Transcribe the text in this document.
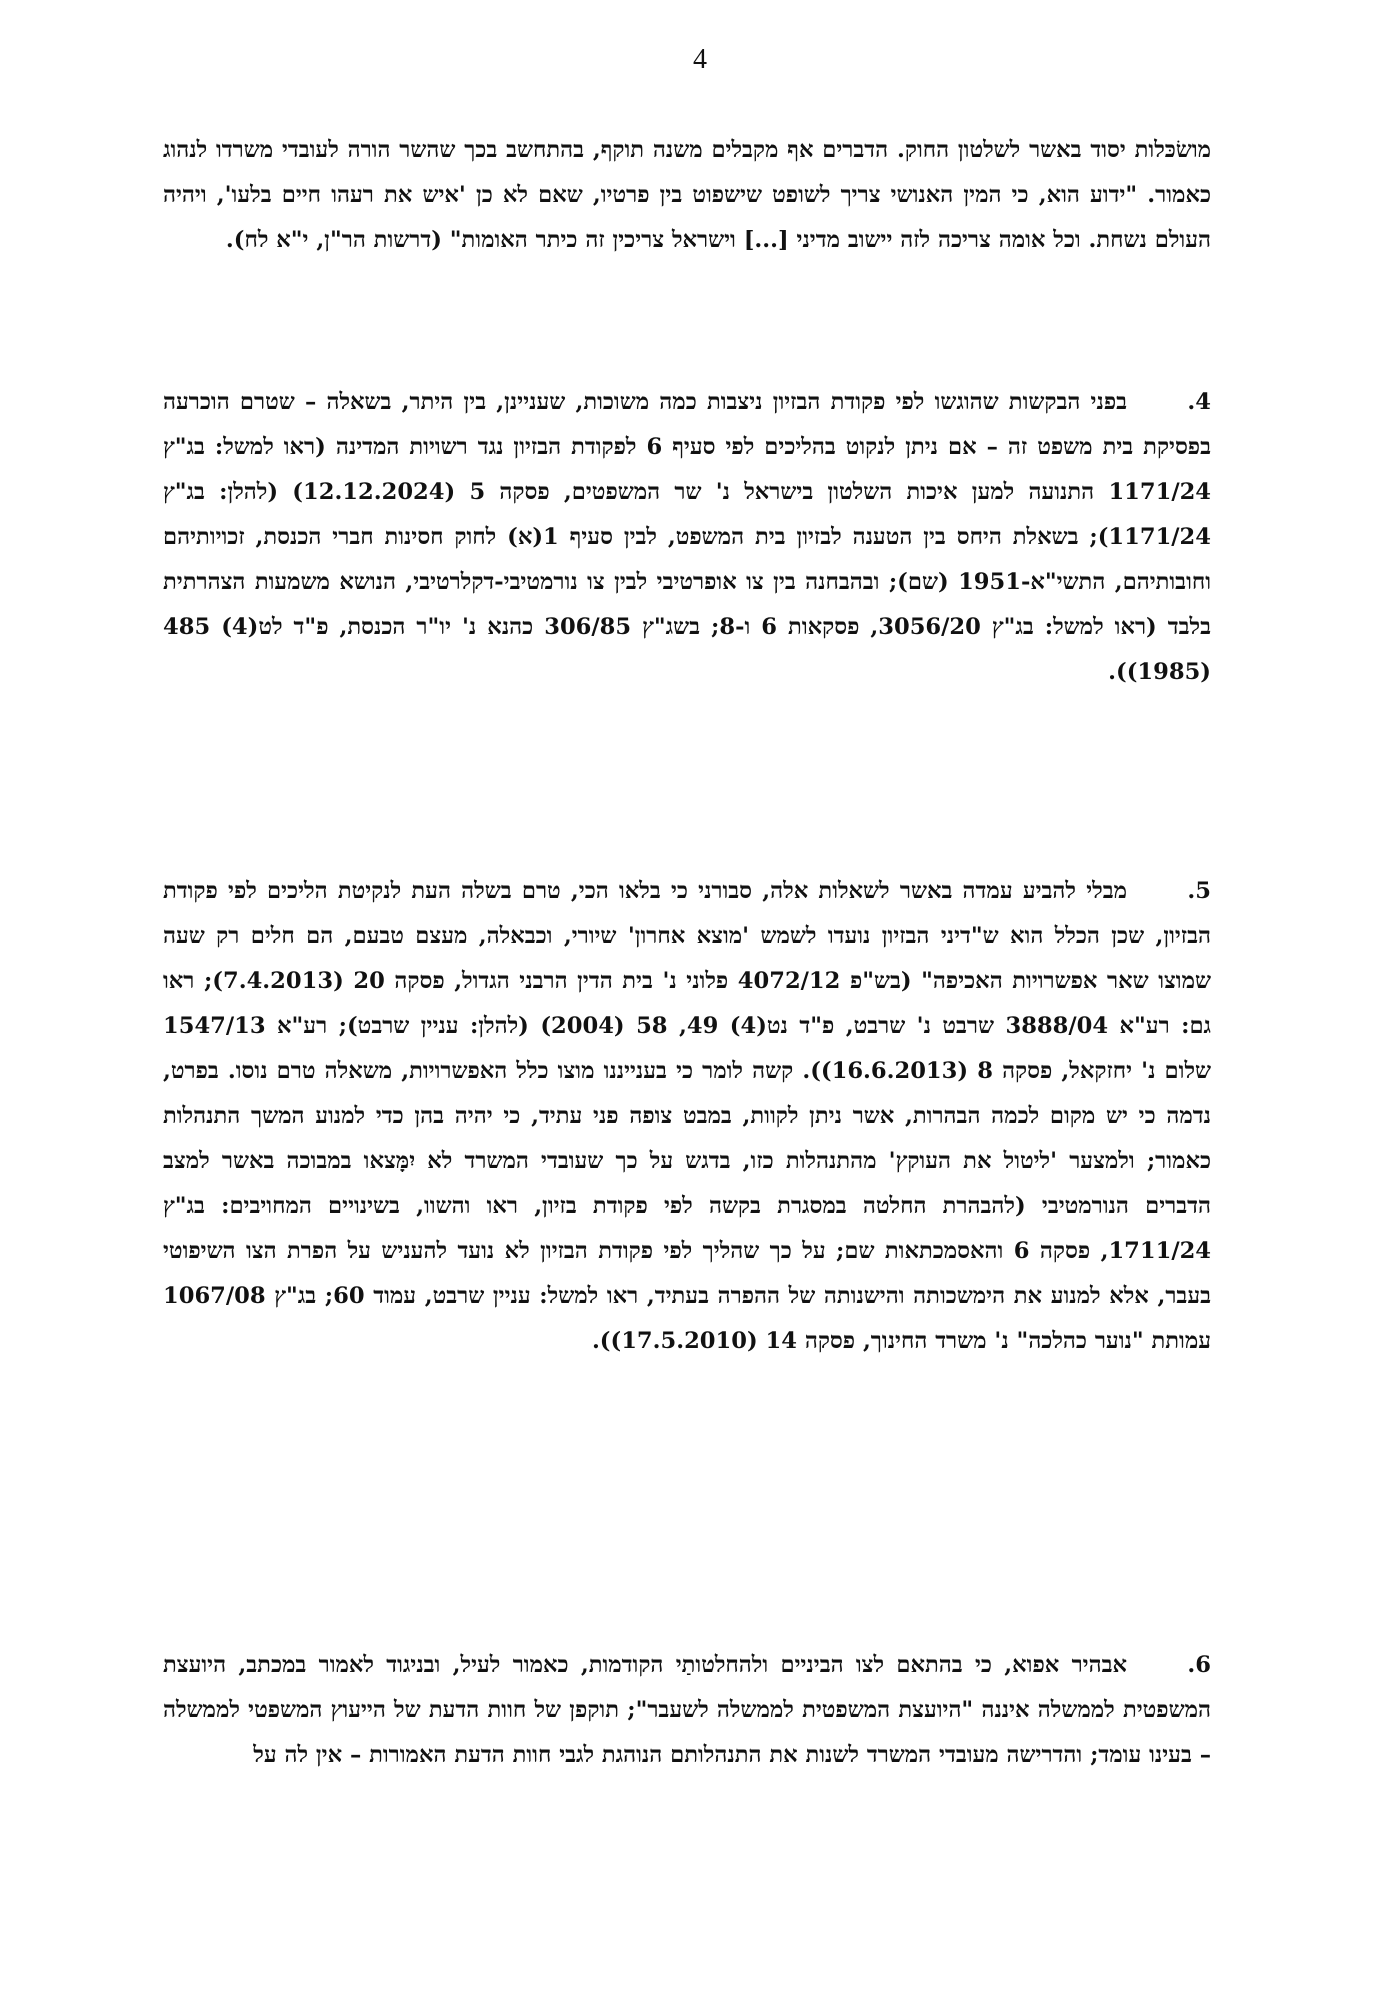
4

מושׂכּלות יסוד באשר לשלטון החוק. הדברים אף מקבלים משנה תוקף, בהתחשב בכך שהשר הורה לעובדי משרדו לנהוג כאמור. "ידוע הוא, כי המין האנושי צריך לשופט שישפוט בין פרטיו, שאם לא כן 'איש את רעהו חיים בלעו', ויהיה העולם נשחת. וכל אומה צריכה לזה יישוב מדיני [...] וישראל צריכין זה כיתר האומות" (דרשות הר"ן, י"א לח).

4.בפני הבקשות שהוגשו לפי פקודת הבזיון ניצבות כמה משוכות, שעניינן, בין היתר, בשאלה – שטרם הוכרעה בפסיקת בית משפט זה – אם ניתן לנקוט בהליכים לפי סעיף 6 לפקודת הבזיון נגד רשויות המדינה (ראו למשל: בג"ץ 1171/24 התנועה למען איכות השלטון בישראל נ' שר המשפטים, פסקה 5 (12.12.2024) (להלן: בג"ץ 1171/24); בשאלת היחס בין הטענה לבזיון בית המשפט, לבין סעיף 1(א) לחוק חסינות חברי הכנסת, זכויותיהם וחובותיהם, התשי"א-1951 (שם); ובהבחנה בין צו אופרטיבי לבין צו נורמטיבי-דקלרטיבי, הנושא משמעות הצהרתית בלבד (ראו למשל: בג"ץ 3056/20, פסקאות 6 ו-8; בשג"ץ 306/85 כהנא נ' יו"ר הכנסת, פ"ד לט(4) 485 (1985)).

5.מבלי להביע עמדה באשר לשאלות אלה, סבורני כי בלאו הכי, טרם בשלה העת לנקיטת הליכים לפי פקודת הבזיון, שכן הכלל הוא ש"דיני הבזיון נועדו לשמש 'מוצא אחרון' שיורי, וכבאלה, מעצם טבעם, הם חלים רק שעה שמוצו שאר אפשרויות האכיפה" (בש"פ 4072/12 פלוני נ' בית הדין הרבני הגדול, פסקה 20 (7.4.2013); ראו גם: רע"א 3888/04 שרבט נ' שרבט, פ"ד נט(4) 49, 58 (2004) (להלן: עניין שרבט); רע"א 1547/13 שלום נ' יחזקאל, פסקה 8 (16.6.2013)). קשה לומר כי בענייננו מוצו כלל האפשרויות, משאלה טרם נוסו. בפרט, נדמה כי יש מקום לכמה הבהרות, אשר ניתן לקוות, במבט צופה פני עתיד, כי יהיה בהן כדי למנוע המשך התנהלות כאמור; ולמצער 'ליטול את העוקץ' מהתנהלות כזו, בדגש על כך שעובדי המשרד לא יִמָּצאו במבוכה באשר למצב הדברים הנורמטיבי (להבהרת החלטה במסגרת בקשה לפי פקודת בזיון, ראו והשוו, בשינויים המחויבים: בג"ץ 1711/24, פסקה 6 והאסמכתאות שם; על כך שהליך לפי פקודת הבזיון לא נועד להעניש על הפרת הצו השיפוטי בעבר, אלא למנוע את הימשכותה והישנותה של ההפרה בעתיד, ראו למשל: עניין שרבט, עמוד 60; בג"ץ 1067/08 עמותת "נוער כהלכה" נ' משרד החינוך, פסקה 14 (17.5.2010)).

6.אבהיר אפוא, כי בהתאם לצו הביניים ולהחלטותַי הקודמות, כאמור לעיל, ובניגוד לאמור במכתב, היועצת המשפטית לממשלה איננה "היועצת המשפטית לממשלה לשעבר"; תוקפן של חוות הדעת של הייעוץ המשפטי לממשלה – בעינו עומד; והדרישה מעובדי המשרד לשנות את התנהלותם הנוהגת לגבי חוות הדעת האמורות – אין לה על
